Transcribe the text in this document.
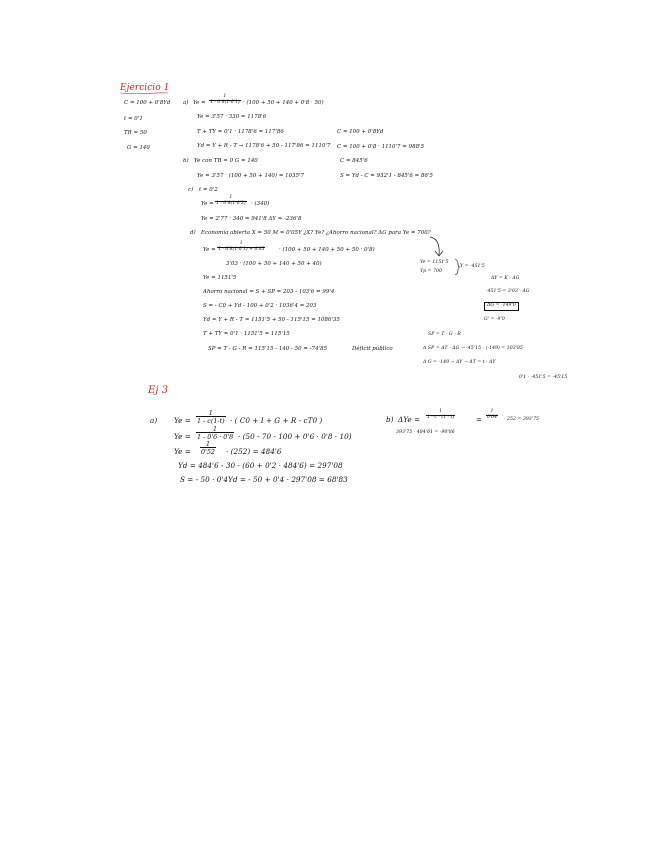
Ejercicio 1
C = 100 + 0'8Yd
t = 0'1
TR = 50
G = 140
a) $Ye = \frac{1}{1 - 0'8(1-0'1)} \cdot (100 + 50 + 140 + 0'8 \cdot 50)$
Ye = 3'57 · 330 = 1178'6
T + TY = 0'1 · 1178'6 = 117'86
Yd = Y + R - T → 1178'6 + 50 - 117'86 = 1110'7
C = 100 + 0'8Yd
C = 100 + 0'8 · 1110'7 = 988'5
b) Ye con TR = 0 G = 140
Ye = 3'57 · (100 + 50 + 140) = 1035'7
C = 845'6
S = Yd - C = 932'1 - 845'6 = 86'5
c) t = 0'2
$Ye = \frac{1}{1 - 0'8(1-0'2)} \cdot (340)$
Ye = 2'77 · 340 = 941'8 ΔY = -236'8
d) Economía abierta X = 50 M = 0'05Y ¿X? Ye? ¿Ahorro nacional? ΔG para Ye = 700?
$Ye = \frac{1}{1 - 0'8(1-0'1) + 0'05}$	· (100 + 50 + 140 + 50 + 50 · 0'8)
3'03 · (100 + 50 + 140 + 50 + 40)
Ye = 1151'5
Ahorro nacional = S + SP = 203 - 103'6 = 99'4
S = - C0 + Yd - 100 + 0'2 · 1036'4 = 203
Yd = Y + R - T = 1151'5 + 50 - 115'15 = 1086'35
T + TY = 0'1 · 1151'5 = 115'15
SP = T - G - R = 115'15 - 140 - 50 = -74'85	Déficit público
Ye = 1151'5
Yp = 700
Y = -451'5
ΔY = K · ΔG
-451'5 = 3'03 · ΔG
ΔG = -149'0
G' = -9'0
SP = T - G - R
Δ SP = ΔT - ΔG → -45'15 - (-149) = 103'85
Δ G = -149 → ΔY → ΔT = t · ΔY
0'1 · -451'5 = -45'15
Ej 3
a) $Ye = \frac{1}{1 - c(1-t)}$ · ( C0 + I + G + R - cT0 )
$Ye = \frac{1}{1 - 0'6 \cdot 0'8} \cdot (50 - 70 - 100 + 0'6 \cdot 0'8 \cdot 10)$
$Ye = \frac{1}{0'52} \cdot (252) = 484'6$
Yd = 484'6 - 30 - (60 + 0'2 · 484'6) = 297'08
S = - 50 · 0'4Yd = - 50 + 0'4 · 297'08 = 68'83
b) $\Delta Ye = \frac{1}{1 - c \cdot (1 - t)}$	= $\frac{1}{0'64} \cdot 252 = 393'75$
393'75 - 484'61 = -90'86
